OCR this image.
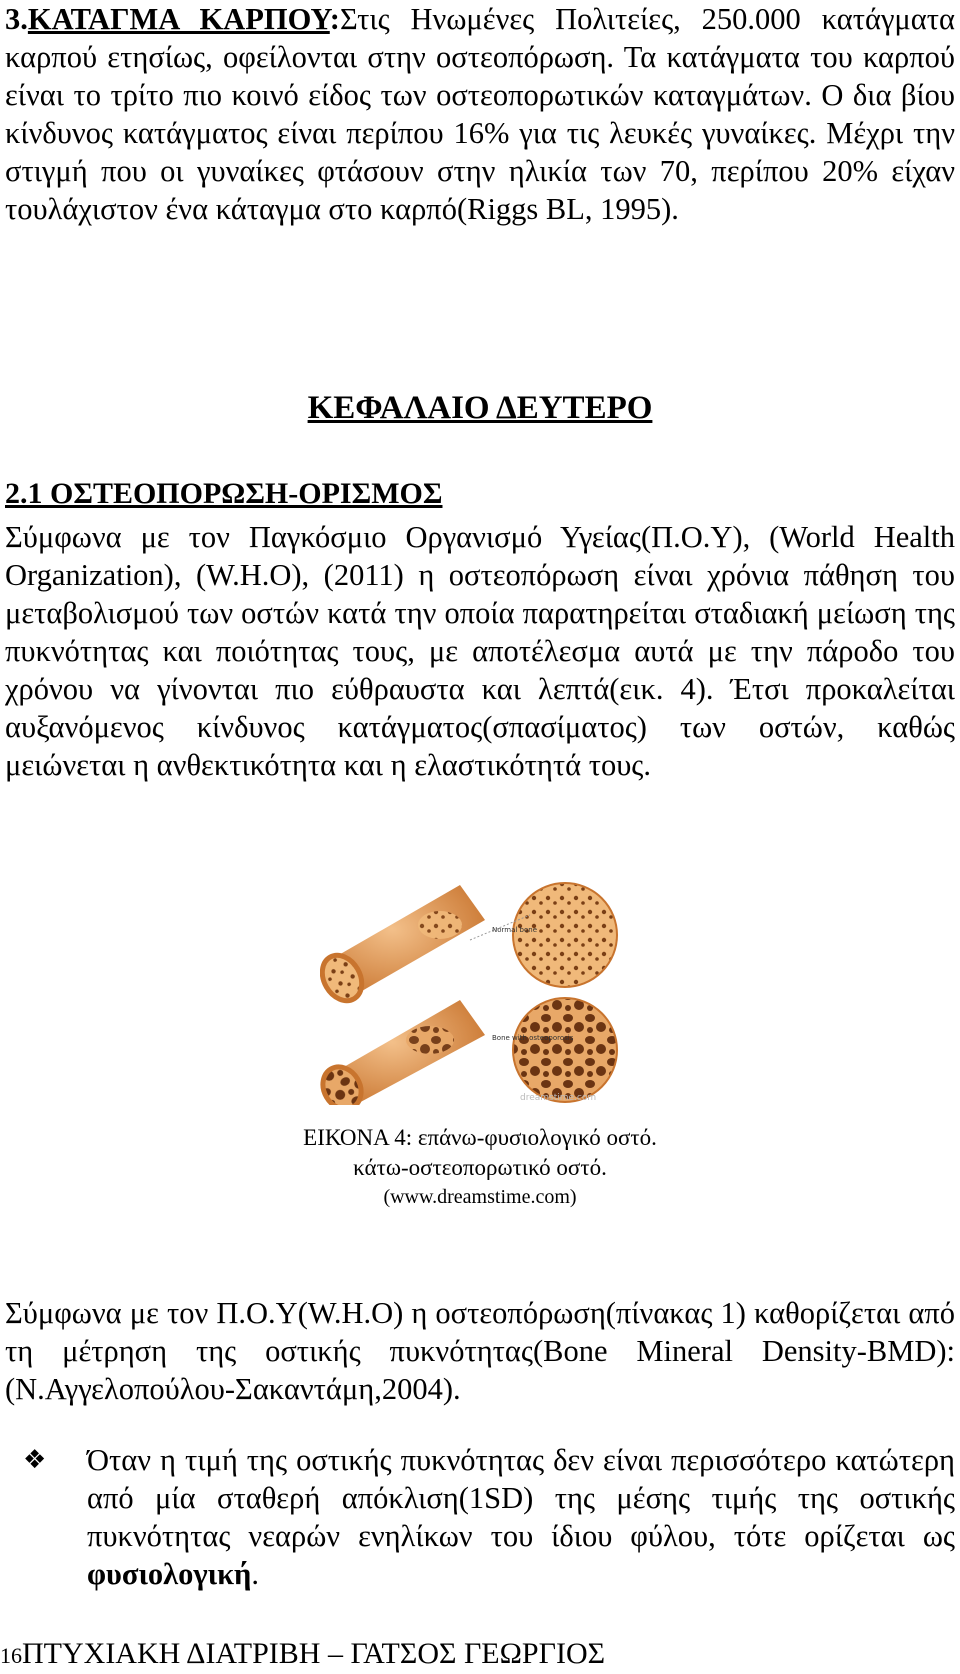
3.ΚΑΤΑΓΜΑ ΚΑΡΠΟΥ:Στις Ηνωμένες Πολιτείες, 250.000 κατάγματα καρπού ετησίως, οφείλονται στην οστεοπόρωση. Τα κατάγματα του καρπού είναι το τρίτο πιο κοινό είδος των οστεοπορωτικών καταγμάτων. Ο δια βίου κίνδυνος κατάγματος είναι περίπου 16% για τις λευκές γυναίκες. Μέχρι την στιγμή που οι γυναίκες φτάσουν στην ηλικία των 70, περίπου 20% είχαν τουλάχιστον ένα κάταγμα στο καρπό(Riggs BL, 1995).

ΚΕΦΑΛΑΙΟ ΔΕΥΤΕΡΟ
2.1 ΟΣΤΕΟΠΟΡΩΣΗ-ΟΡΙΣΜΟΣ

Σύμφωνα με τον Παγκόσμιο Οργανισμό Υγείας(Π.Ο.Υ), (World Health Organization), (W.H.O), (2011) η οστεοπόρωση είναι χρόνια πάθηση του μεταβολισμού των οστών κατά την οποία παρατηρείται σταδιακή μείωση της πυκνότητας και ποιότητας τους, με αποτέλεσμα αυτά με την πάροδο του χρόνου να γίνονται πιο εύθραυστα και λεπτά(εικ. 4). Έτσι προκαλείται αυξανόμενος κίνδυνος κατάγματος(σπασίματος) των οστών, καθώς μειώνεται η ανθεκτικότητα και η ελαστικότητά τους.

Normal bone
Bone with osteoporosis
dreamstime.com

ΕΙΚΟΝΑ 4: επάνω-φυσιολογικό οστό.

κάτω-οστεοπορωτικό οστό.

(www.dreamstime.com)

Σύμφωνα με τον Π.Ο.Υ(W.H.O) η οστεοπόρωση(πίνακας 1) καθορίζεται από τη μέτρηση της οστικής πυκνότητας(Bone Mineral Density-BMD): (Ν.Αγγελοπούλου-Σακαντάμη,2004).

❖ Όταν η τιμή της οστικής πυκνότητας δεν είναι περισσότερο κατώτερη από μία σταθερή απόκλιση(1SD) της μέσης τιμής της οστικής πυκνότητας νεαρών ενηλίκων του ίδιου φύλου, τότε ορίζεται ως φυσιολογική.

16ΠΤΥΧΙΑΚΗ ΔΙΑΤΡΙΒΗ – ΓΑΤΣΟΣ ΓΕΩΡΓΙΟΣ
